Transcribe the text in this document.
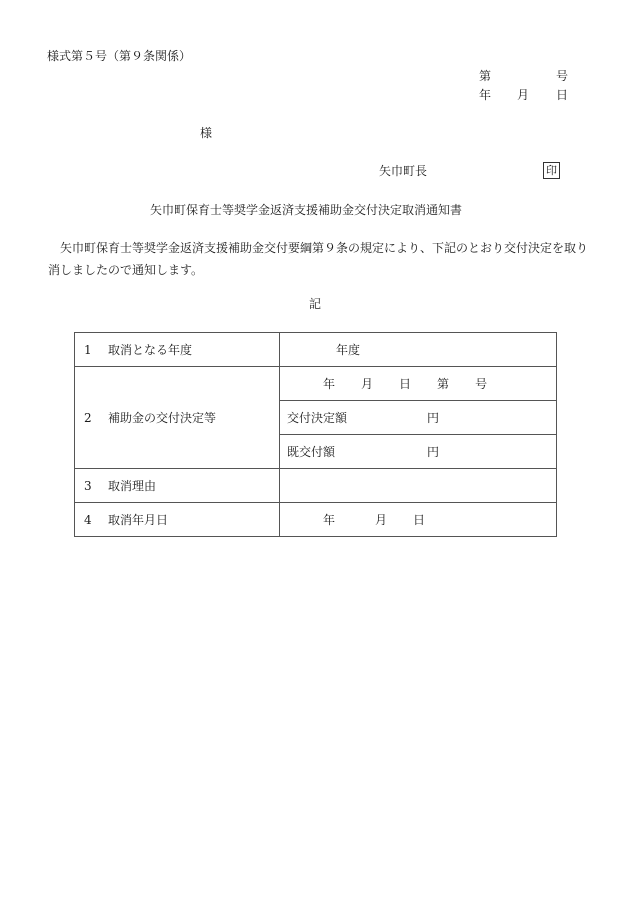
様式第５号（第９条関係）
第	号
年 月 日
様
矢巾町長	印
矢巾町保育士等奨学金返済支援補助金交付決定取消通知書
矢巾町保育士等奨学金返済支援補助金交付要綱第９条の規定により、下記のとおり交付決定を取り消しましたので通知します。
記
1 取消となる年度	年度
2 補助金の交付決定等	年 月 日 第 号
	交付決定額 円
	既交付額 円
3 取消理由	
4 取消年月日	年 月 日
